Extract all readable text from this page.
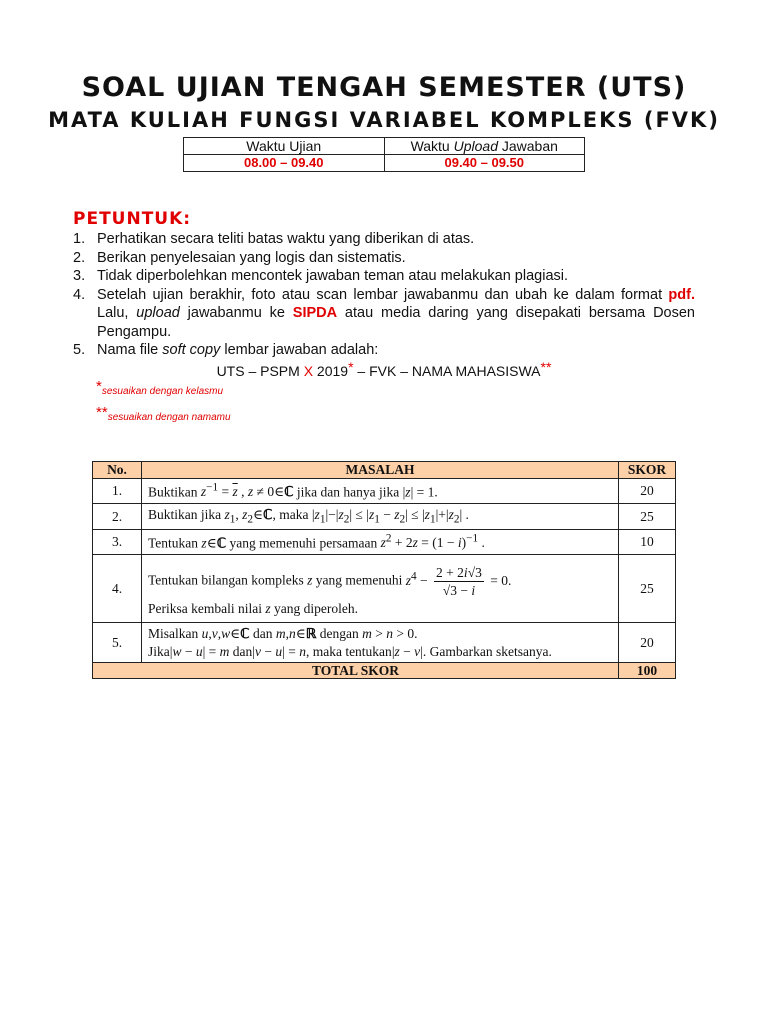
SOAL UJIAN TENGAH SEMESTER (UTS)
MATA KULIAH FUNGSI VARIABEL KOMPLEKS (FVK)
Waktu Ujian	Waktu Upload Jawaban
08.00 – 09.40	09.40 – 09.50
PETUNTUK:
1. Perhatikan secara teliti batas waktu yang diberikan di atas.
2. Berikan penyelesaian yang logis dan sistematis.
3. Tidak diperbolehkan mencontek jawaban teman atau melakukan plagiasi.
4. Setelah ujian berakhir, foto atau scan lembar jawabanmu dan ubah ke dalam format pdf. Lalu, upload jawabanmu ke SIPDA atau media daring yang disepakati bersama Dosen Pengampu.
5. Nama file soft copy lembar jawaban adalah:
UTS – PSPM X 2019* – FVK – NAMA MAHASISWA**
*sesuaikan dengan kelasmu
**sesuaikan dengan namamu
No.	MASALAH	SKOR
1.	Buktikan $z^{-1} = \overline{z}$ , z ≠ 0∈ℂ jika dan hanya jika |z| = 1.	20
2.	Buktikan jika $z_1$, $z_2\in ℂ$, maka $|z_1|-|z_2| \le |z_1 - z_2| \le |z_1|+|z_2|$ .	25
3.	Tentukan z∈ℂ yang memenuhi persamaan $z^2 + 2z = (1 - i)^{-1}$ .	10
4.	Tentukan bilangan kompleks z yang memenuhi $z^4 - \frac{2 + 2i√3}{√3 - i} = 0$.
Periksa kembali nilai z yang diperoleh.	25
5.	Misalkan u,v,w∈ℂ dan m,n∈ℝ dengan m > n > 0.
Jika|w − u| = m dan|v − u| = n, maka tentukan|z − v|. Gambarkan sketsanya.	20
TOTAL SKOR		100
